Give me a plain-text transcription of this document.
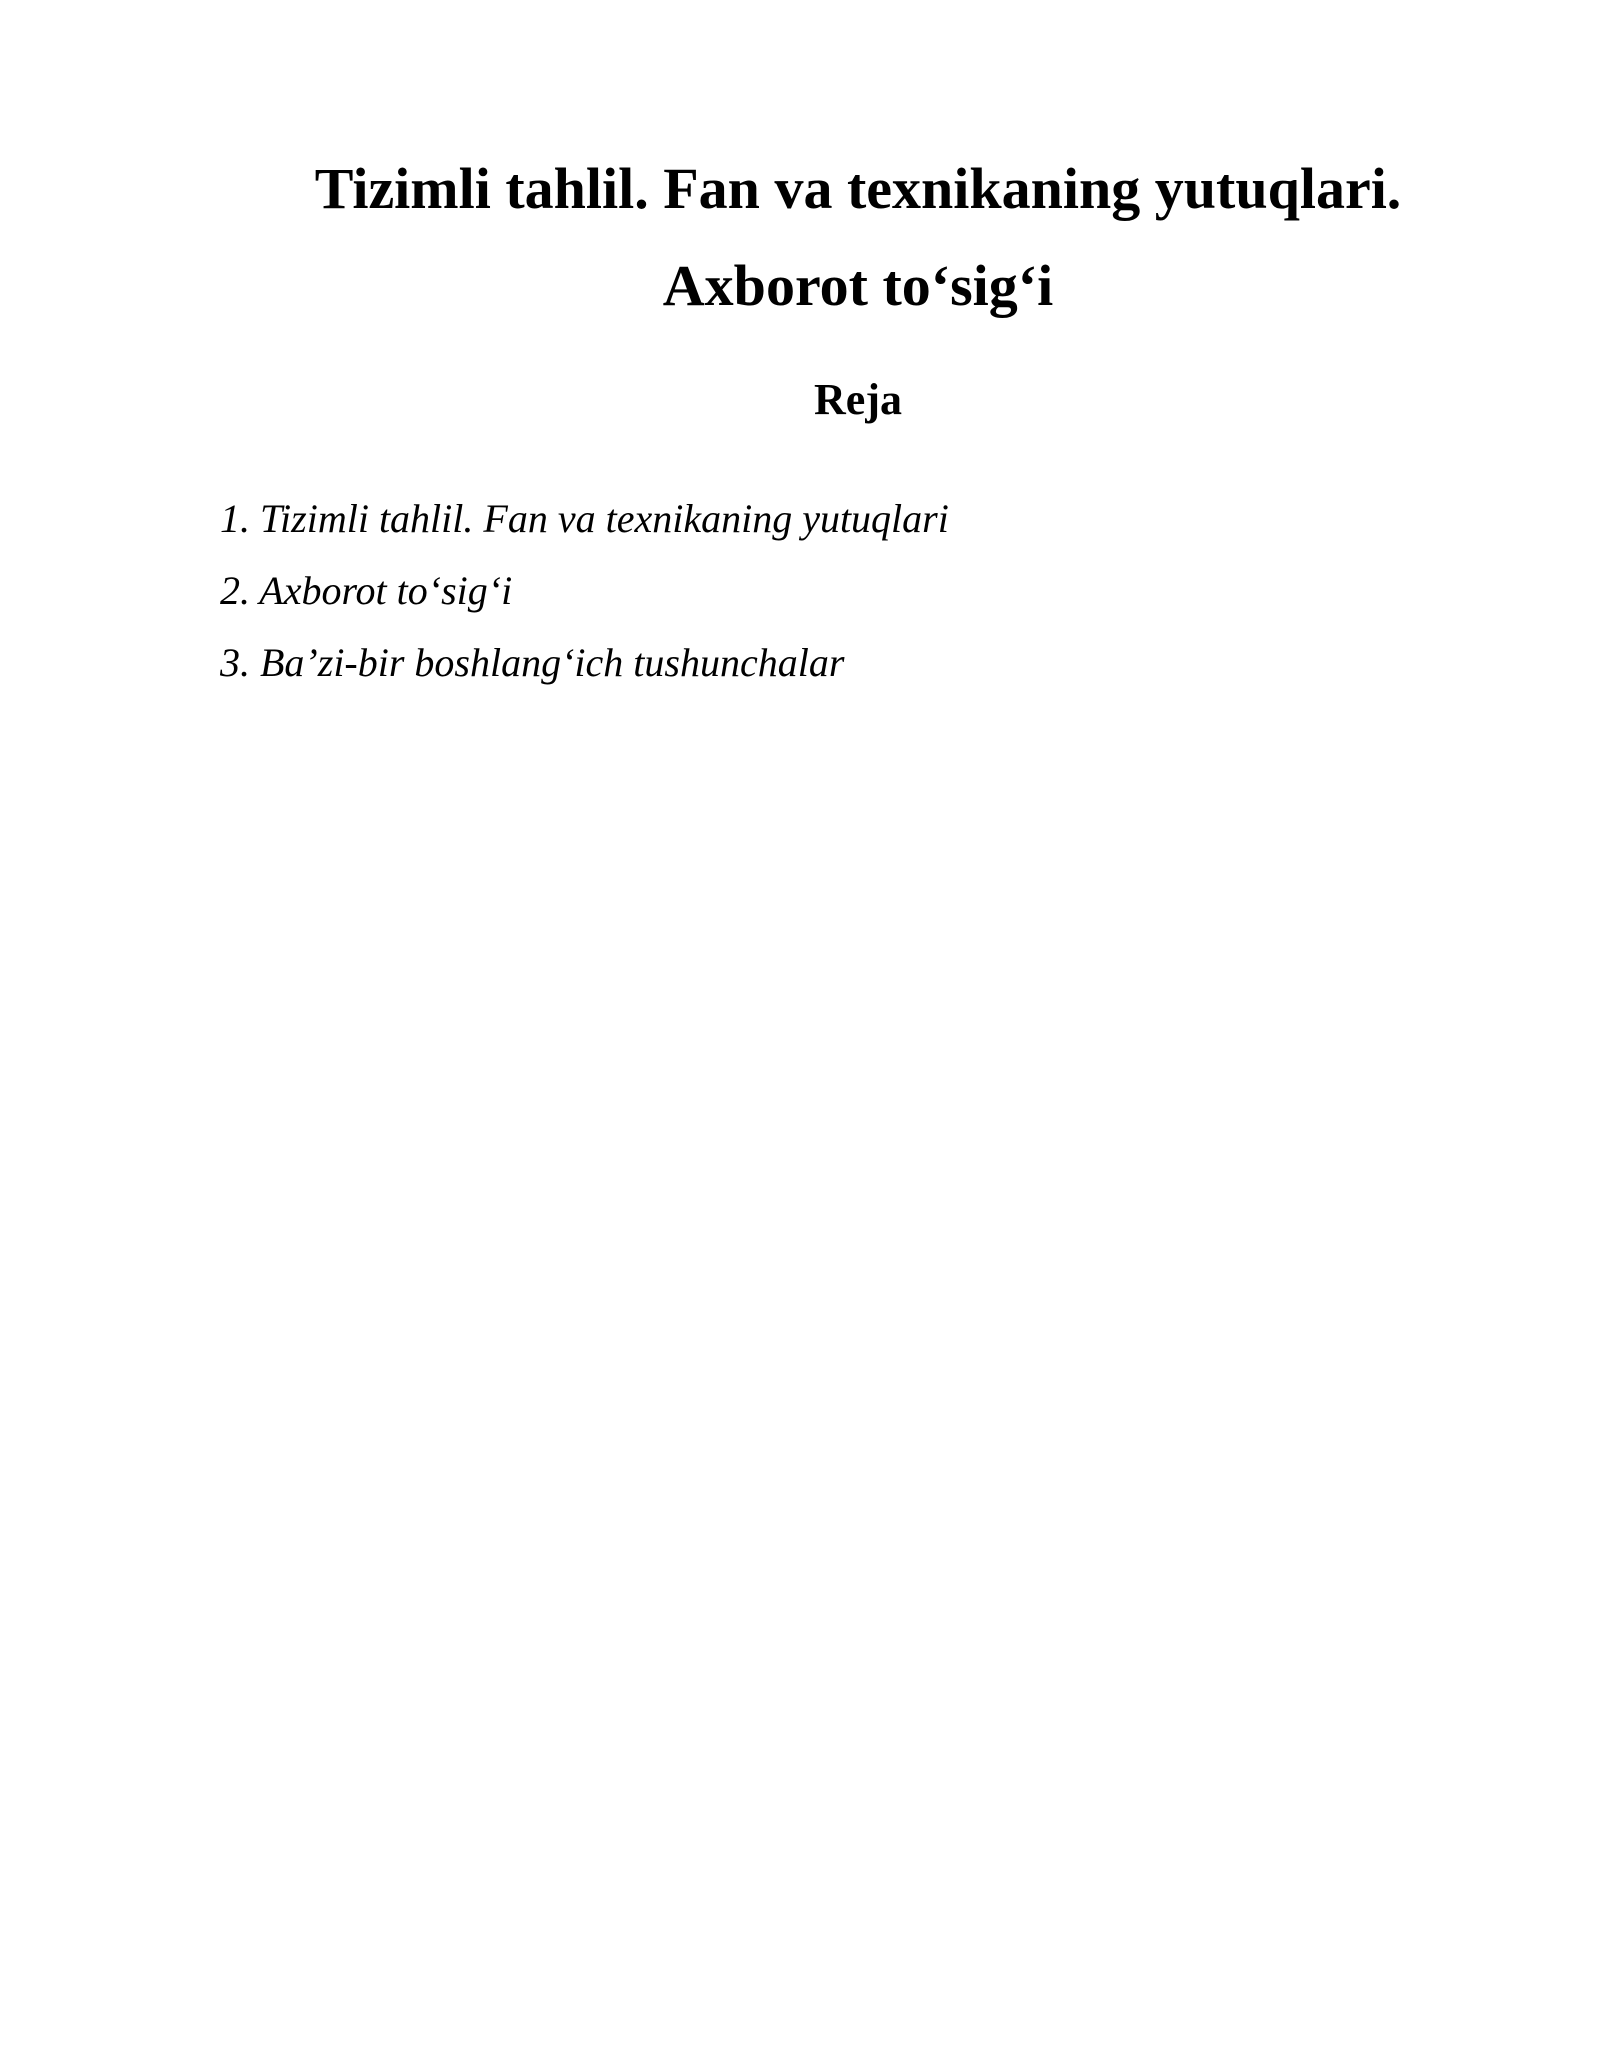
Tizimli tahlil. Fan va texnikaning yutuqlari.

Axborot to‘sig‘i

Reja

1. Tizimli tahlil. Fan va texnikaning yutuqlari
2. Axborot to‘sig‘i
3. Ba’zi-bir boshlang‘ich tushunchalar
